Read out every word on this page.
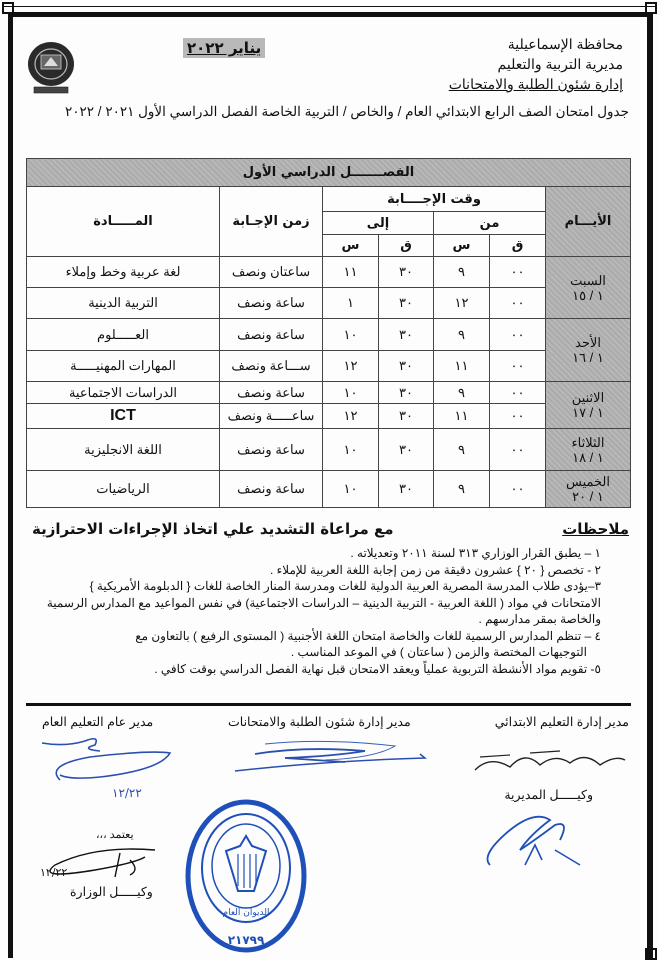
محافظة الإسماعيلية
مديرية التربية والتعليم
إدارة شئون الطلبة والامتحانات
يناير ٢٠٢٢
جدول امتحان الصف الرابع الابتدائي العام / والخاص / التربية الخاصة الفصل الدراسي الأول ٢٠٢١ / ٢٠٢٢
الفصـــــــل الدراسي الأول						
الأيـــام	وقت الإجــــابة				زمن الإجـابة	المـــــادة
	من		إلى			
	ق	س	ق	س		

السبت
١ / ١٥	٠٠	٩	٣٠	١١	ساعتان ونصف	لغة عربية وخط وإملاء
	٠٠	١٢	٣٠	١	ساعة ونصف	التربية الدينية

الأحد
١ / ١٦	٠٠	٩	٣٠	١٠	ساعة ونصف	العـــــلوم
	٠٠	١١	٣٠	١٢	ســـاعة ونصف	المهارات المهنيـــــة

الاثنين
١ / ١٧	٠٠	٩	٣٠	١٠	ساعة ونصف	الدراسات الاجتماعية
	٠٠	١١	٣٠	١٢	ساعـــــة ونصف	ICT

الثلاثاء
١ / ١٨	٠٠	٩	٣٠	١٠	ساعة ونصف	اللغة الانجليزية

الخميس
١ / ٢٠	٠٠	٩	٣٠	١٠	ساعة ونصف	الرياضيات
ملاحظات
مع مراعاة التشديد علي اتخاذ الإجراءات الاحترازية

١ – يطبق القرار الوزاري ٣١٣ لسنة ٢٠١١ وتعديلاته .

٢ - تخصص { ٢٠ } عشرون دقيقة من زمن إجابة اللغة العربية للإملاء .

٣–يؤدى طلاب المدرسة المصرية العربية الدولية للغات ومدرسة المنار الخاصة للغات { الدبلومة الأمريكية }

الامتحانات في مواد ( اللغة العربية - التربية الدينية – الدراسات الاجتماعية) في نفس المواعيد مع المدارس الرسمية

والخاصة بمقر مدارسهم .

٤ – تنظم المدارس الرسمية للغات والخاصة امتحان اللغة الأجنبية ( المستوى الرفيع ) بالتعاون مع

التوجيهات المختصة والزمن ( ساعتان ) في الموعد المناسب .

٥- تقويم مواد الأنشطة التربوية عملياً ويعقد الامتحان قبل نهاية الفصل الدراسي بوقت كافي .

مدير إدارة التعليم الابتدائي
مدير إدارة شئون الطلبة والامتحانات
مدير عام التعليم العام
وكيـــــل المديرية
يعتمد ،،،
وكيـــــل الوزارة
١٢/٢٢
١٢/٢٢
الديوان العام
٢١٧٩٩
